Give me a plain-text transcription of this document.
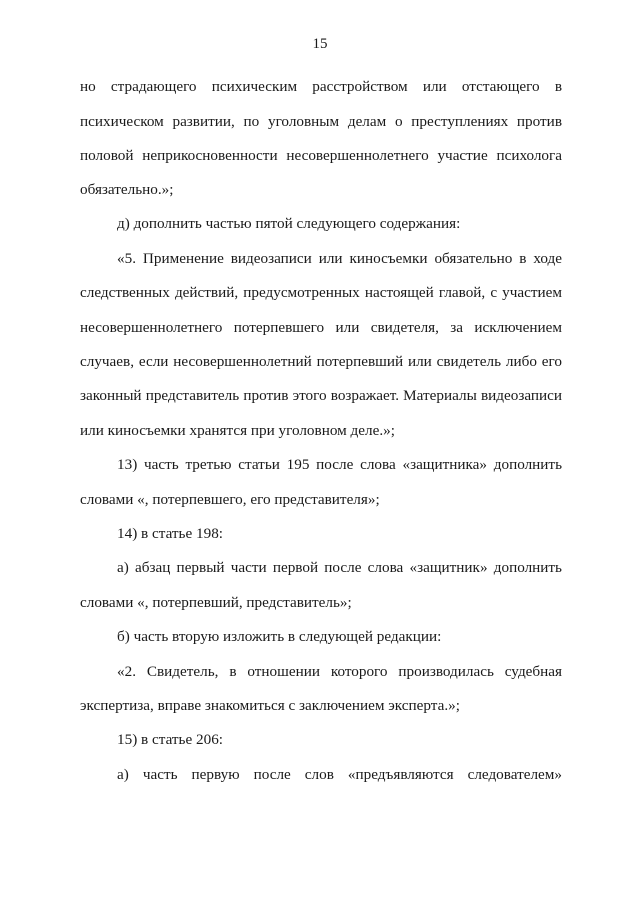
15
но страдающего психическим расстройством или отстающего в
психическом развитии, по уголовным делам о преступлениях против
половой неприкосновенности несовершеннолетнего участие психолога
обязательно.»;
д) дополнить частью пятой следующего содержания:
«5. Применение видеозаписи или киносъемки обязательно в ходе
следственных действий, предусмотренных настоящей главой, с участием
несовершеннолетнего потерпевшего или свидетеля, за исключением
случаев, если несовершеннолетний потерпевший или свидетель либо его
законный представитель против этого возражает. Материалы видеозаписи
или киносъемки хранятся при уголовном деле.»;
13) часть третью статьи 195 после слова «защитника» дополнить
словами «, потерпевшего, его представителя»;
14) в статье 198:
а) абзац первый части первой после слова «защитник» дополнить
словами «, потерпевший, представитель»;
б) часть вторую изложить в следующей редакции:
«2. Свидетель, в отношении которого производилась судебная
экспертиза, вправе знакомиться с заключением эксперта.»;
15) в статье 206:
а) часть первую после слов «предъявляются следователем»
